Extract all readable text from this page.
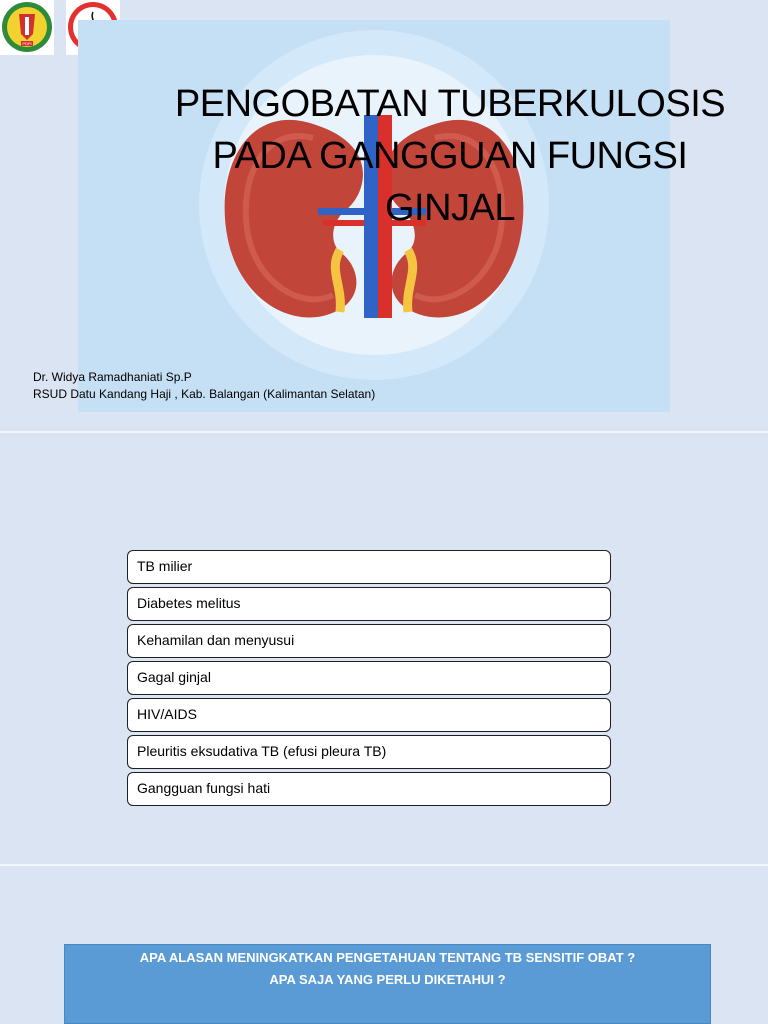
PDPI
PENGOBATAN TUBERKULOSIS
PADA GANGGUAN FUNGSI
GINJAL
Dr. Widya Ramadhaniati Sp.P
RSUD Datu Kandang Haji , Kab. Balangan (Kalimantan Selatan)
TB milier
Diabetes melitus
Kehamilan dan menyusui
Gagal ginjal
HIV/AIDS
Pleuritis eksudativa TB (efusi pleura TB)
Gangguan fungsi hati
APA ALASAN MENINGKATKAN PENGETAHUAN TENTANG TB SENSITIF OBAT ?
APA SAJA YANG PERLU DIKETAHUI ?
